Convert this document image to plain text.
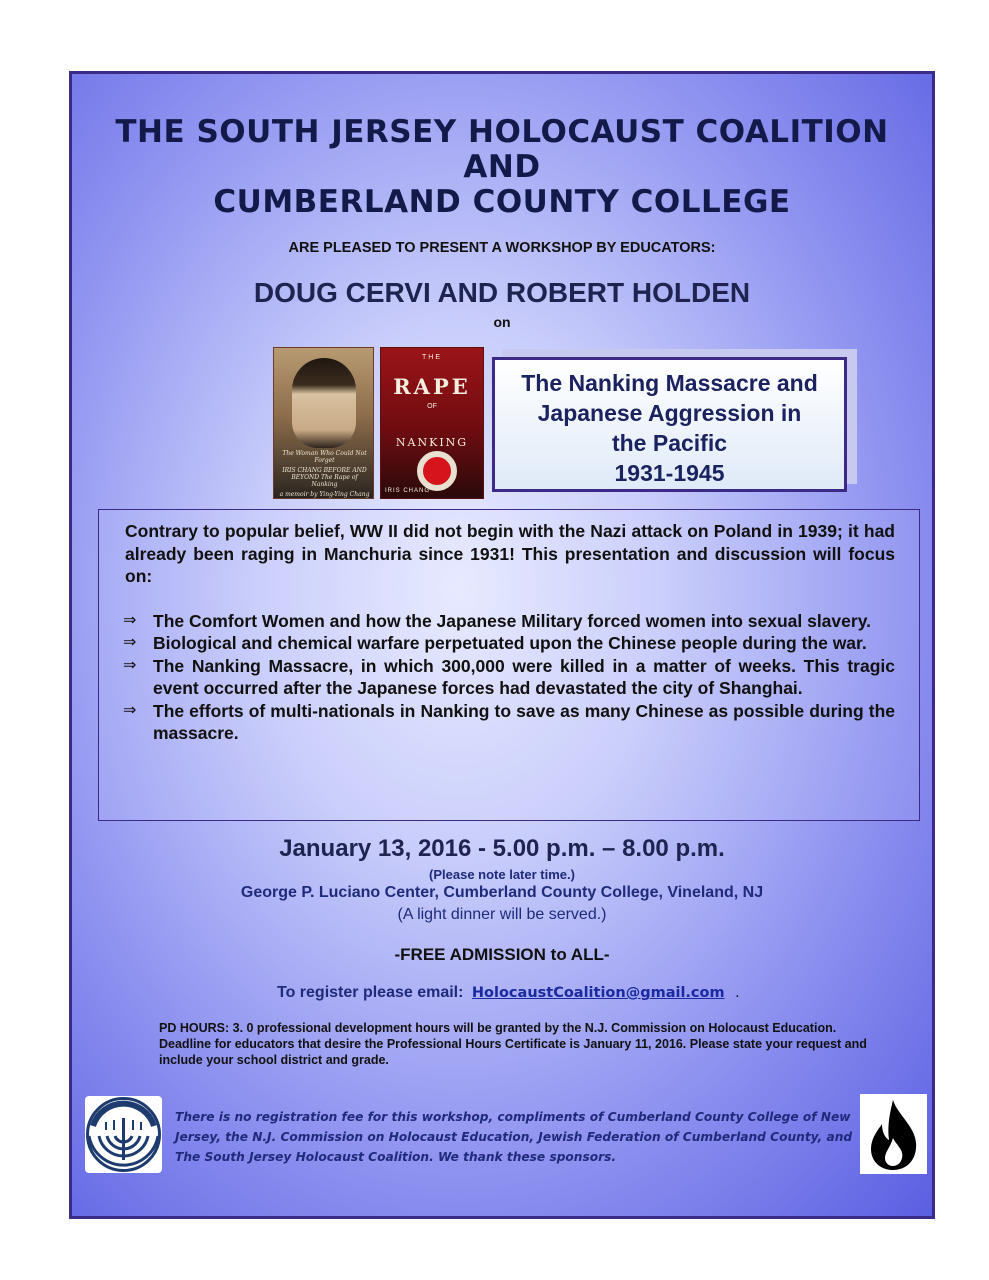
THE SOUTH JERSEY HOLOCAUST COALITION
AND
CUMBERLAND COUNTY COLLEGE
ARE PLEASED TO PRESENT A WORKSHOP BY EDUCATORS:
DOUG CERVI AND ROBERT HOLDEN
on
The Woman Who Could Not Forget
IRIS CHANG BEFORE AND BEYOND The Rape of Nanking
a memoir by Ying-Ying Chang
THE
RAPE
OF
NANKING
IRIS CHANG
The Nanking Massacre and
Japanese Aggression in
the Pacific
1931-1945

Contrary to popular belief, WW II did not begin with the Nazi attack on Poland in 1939; it had already been raging in Manchuria since 1931! This presentation and discussion will focus on:

⇒ The Comfort Women and how the Japanese Military forced women into sexual slavery.
⇒ Biological and chemical warfare perpetuated upon the Chinese people during the war.
⇒ The Nanking Massacre, in which 300,000 were killed in a matter of weeks. This tragic event occurred after the Japanese forces had devastated the city of Shanghai.
⇒ The efforts of multi-nationals in Nanking to save as many Chinese as possible during the massacre.
January 13, 2016 - 5.00 p.m. – 8.00 p.m.
(Please note later time.)
George P. Luciano Center, Cumberland County College, Vineland, NJ
(A light dinner will be served.)
-FREE ADMISSION to ALL-
To register please email: HolocaustCoalition@gmail.com .
PD HOURS: 3. 0 professional development hours will be granted by the N.J. Commission on Holocaust Education. Deadline for educators that desire the Professional Hours Certificate is January 11, 2016. Please state your request and include your school district and grade.
There is no registration fee for this workshop, compliments of Cumberland County College of New Jersey, the N.J. Commission on Holocaust Education, Jewish Federation of Cumberland County, and The South Jersey Holocaust Coalition. We thank these sponsors.
